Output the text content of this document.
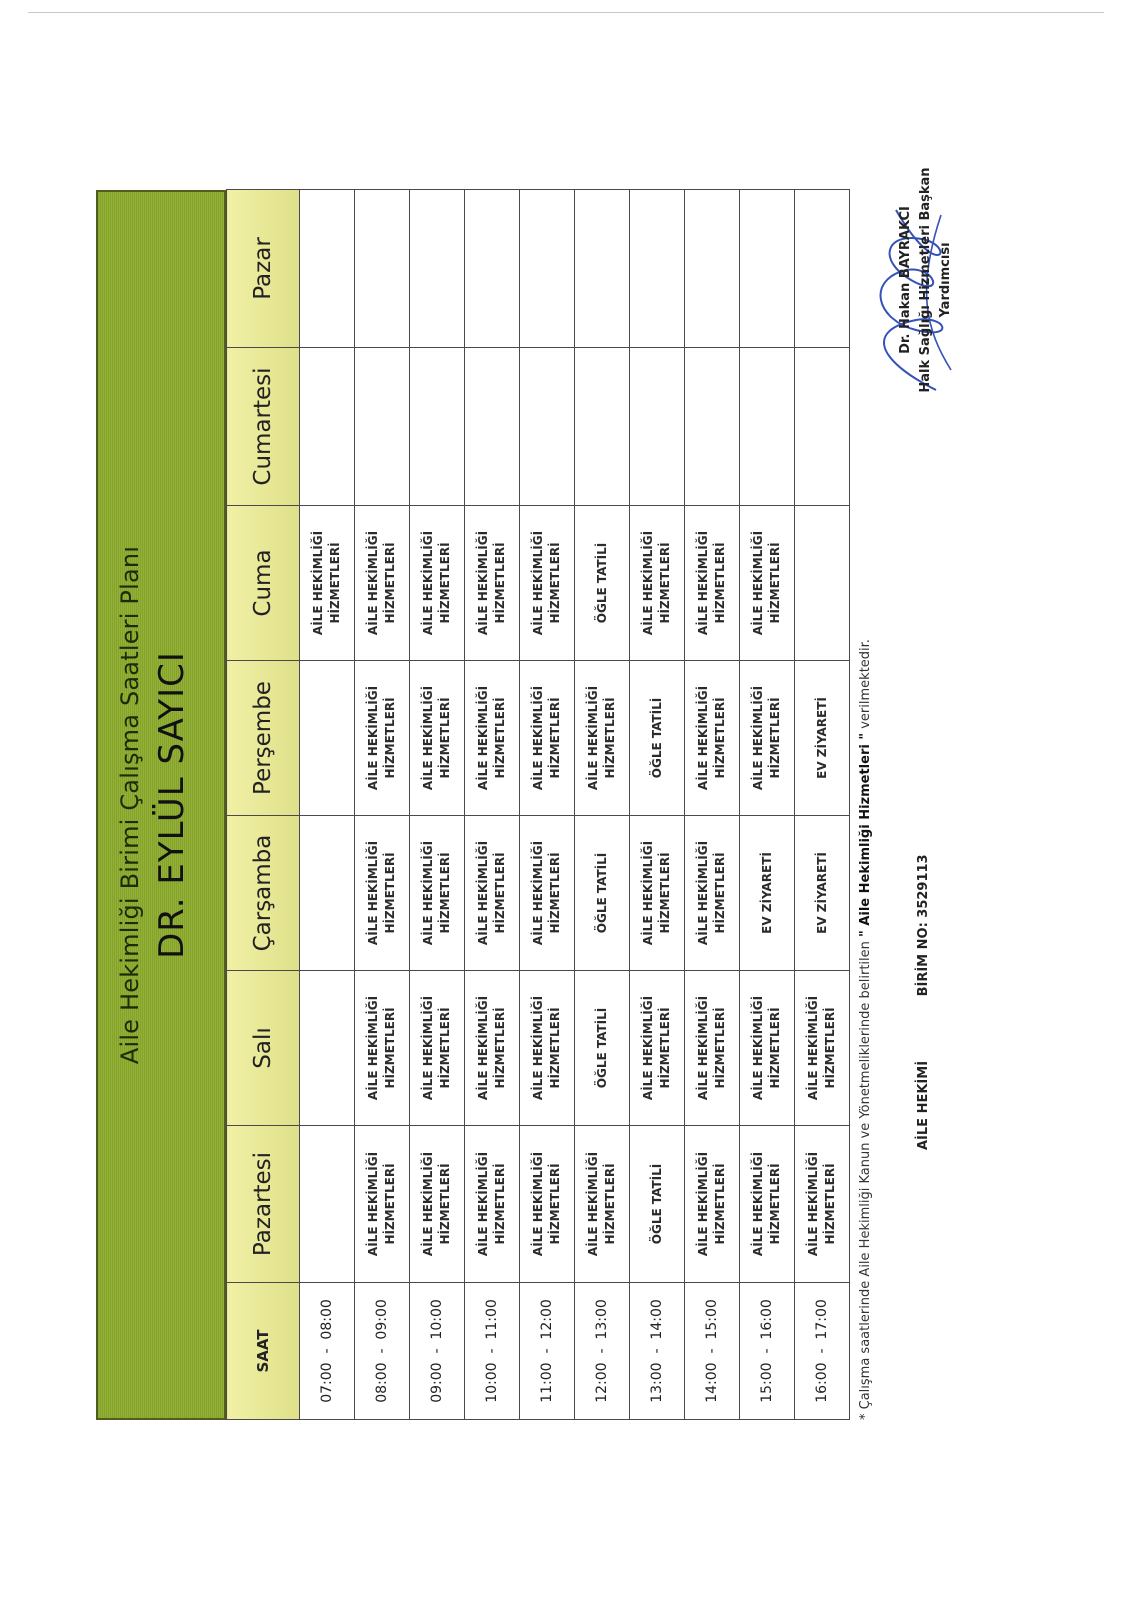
Aile Hekimliği Birimi Çalışma Saatleri Planı DR. EYLÜL SAYICI
SAAT	Pazartesi	Salı	Çarşamba	Perşembe	Cuma	Cumartesi	Pazar
07:00  -  08:00					AİLE HEKİMLİĞİ HİZMETLERİ		

08:00  -  09:00	AİLE HEKİMLİĞİ HİZMETLERİ	AİLE HEKİMLİĞİ HİZMETLERİ	AİLE HEKİMLİĞİ HİZMETLERİ	AİLE HEKİMLİĞİ HİZMETLERİ	AİLE HEKİMLİĞİ HİZMETLERİ		

09:00  -  10:00	AİLE HEKİMLİĞİ HİZMETLERİ	AİLE HEKİMLİĞİ HİZMETLERİ	AİLE HEKİMLİĞİ HİZMETLERİ	AİLE HEKİMLİĞİ HİZMETLERİ	AİLE HEKİMLİĞİ HİZMETLERİ		

10:00  -  11:00	AİLE HEKİMLİĞİ HİZMETLERİ	AİLE HEKİMLİĞİ HİZMETLERİ	AİLE HEKİMLİĞİ HİZMETLERİ	AİLE HEKİMLİĞİ HİZMETLERİ	AİLE HEKİMLİĞİ HİZMETLERİ		

11:00  -  12:00	AİLE HEKİMLİĞİ HİZMETLERİ	AİLE HEKİMLİĞİ HİZMETLERİ	AİLE HEKİMLİĞİ HİZMETLERİ	AİLE HEKİMLİĞİ HİZMETLERİ	AİLE HEKİMLİĞİ HİZMETLERİ		

12:00  -  13:00	AİLE HEKİMLİĞİ HİZMETLERİ	ÖĞLE TATİLİ	ÖĞLE TATİLİ	AİLE HEKİMLİĞİ HİZMETLERİ	ÖĞLE TATİLİ		
13:00  -  14:00	ÖĞLE TATİLİ	AİLE HEKİMLİĞİ HİZMETLERİ	AİLE HEKİMLİĞİ HİZMETLERİ	ÖĞLE TATİLİ	AİLE HEKİMLİĞİ HİZMETLERİ		

14:00  -  15:00	AİLE HEKİMLİĞİ HİZMETLERİ	AİLE HEKİMLİĞİ HİZMETLERİ	AİLE HEKİMLİĞİ HİZMETLERİ	AİLE HEKİMLİĞİ HİZMETLERİ	AİLE HEKİMLİĞİ HİZMETLERİ		

15:00  -  16:00	AİLE HEKİMLİĞİ HİZMETLERİ	AİLE HEKİMLİĞİ HİZMETLERİ	EV ZİYARETİ	AİLE HEKİMLİĞİ HİZMETLERİ	AİLE HEKİMLİĞİ HİZMETLERİ		

16:00  -  17:00	AİLE HEKİMLİĞİ HİZMETLERİ	AİLE HEKİMLİĞİ HİZMETLERİ	EV ZİYARETİ	EV ZİYARETİ			
* Çalışma saatlerinde Aile Hekimliği Kanun ve Yönetmeliklerinde belirtilen " Aile Hekimliği Hizmetleri " verilmektedir.
AİLE HEKİMİ BİRİM NO: 3529113
Dr. Hakan BAYRAKCI Halk Sağlığı Hizmetleri Başkan Yardımcısı
